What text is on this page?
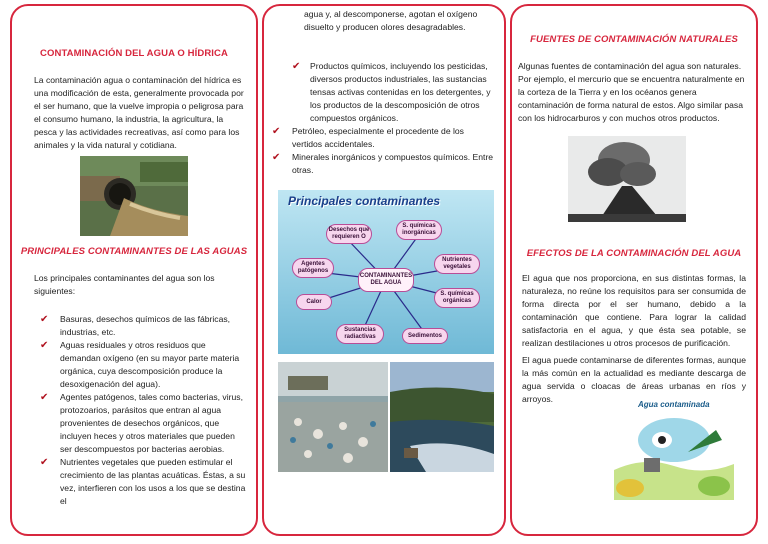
CONTAMINACIÓN DEL AGUA O HÍDRICA
La contaminación agua o contaminación del hídrica es una modificación de esta, generalmente provocada por el ser humano, que la vuelve impropia o peligrosa para el consumo humano, la industria, la agricultura, la pesca y las actividades recreativas, así como para los animales y la vida natural y cotidiana.
PRINCIPALES CONTAMINANTES DE LAS AGUAS
Los principales contaminantes del agua son los siguientes:
✔ Basuras, desechos químicos de las fábricas, industrias, etc.
✔ Aguas residuales y otros residuos que demandan oxígeno (en su mayor parte materia orgánica, cuya descomposición produce la desoxigenación del agua).
✔ Agentes patógenos, tales como bacterias, virus, protozoarios, parásitos que entran al agua provenientes de desechos orgánicos, que incluyen heces y otros materiales que pueden ser descompuestos por bacterias aerobias.
✔ Nutrientes vegetales que pueden estimular el crecimiento de las plantas acuáticas. Éstas, a su vez, interfieren con los usos a los que se destina el
agua y, al descomponerse, agotan el oxígeno disuelto y producen olores desagradables.
✔ Productos químicos, incluyendo los pesticidas, diversos productos industriales, las sustancias tensas activas contenidas en los detergentes, y los productos de la descomposición de otros compuestos orgánicos.
✔ Petróleo, especialmente el procedente de los vertidos accidentales.
✔ Minerales inorgánicos y compuestos químicos. Entre otras.
Principales contaminantes
CONTAMINANTES DEL AGUA
Desechos que requieren O
S. químicas inorgánicas
Agentes patógenos
Nutrientes vegetales
Calor
S. químicas orgánicas
Sustancias radiactivas	Sedimentos
FUENTES DE CONTAMINACIÓN NATURALES
Algunas fuentes de contaminación del agua son naturales. Por ejemplo, el mercurio que se encuentra naturalmente en la corteza de la Tierra y en los océanos genera contaminación de forma natural de estos. Algo similar pasa con los hidrocarburos y con muchos otros productos.
EFECTOS DE LA CONTAMINACIÓN DEL AGUA
El agua que nos proporciona, en sus distintas formas, la naturaleza, no reúne los requisitos para ser consumida de forma directa por el ser humano, debido a la contaminación que contiene. Para lograr la calidad satisfactoria en el agua, y que ésta sea potable, se realizan destilaciones u otros procesos de purificación.
El agua puede contaminarse de diferentes formas, aunque la más común en la actualidad es mediante descarga de agua servida o cloacas de áreas urbanas en ríos y arroyos.
Agua contaminada
